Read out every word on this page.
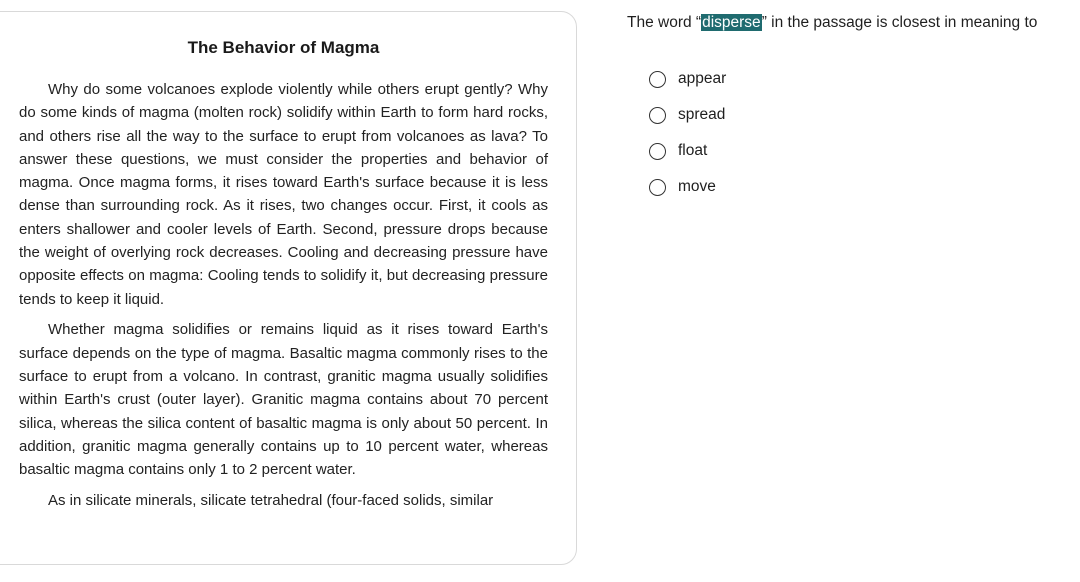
The Behavior of Magma

Why do some volcanoes explode violently while others erupt gently? Why do some kinds of magma (molten rock) solidify within Earth to form hard rocks, and others rise all the way to the surface to erupt from volcanoes as lava? To answer these questions, we must consider the properties and behavior of magma. Once magma forms, it rises toward Earth's surface because it is less dense than surrounding rock. As it rises, two changes occur. First, it cools as enters shallower and cooler levels of Earth. Second, pressure drops because the weight of overlying rock decreases. Cooling and decreasing pressure have opposite effects on magma: Cooling tends to solidify it, but decreasing pressure tends to keep it liquid.

Whether magma solidifies or remains liquid as it rises toward Earth's surface depends on the type of magma. Basaltic magma commonly rises to the surface to erupt from a volcano. In contrast, granitic magma usually solidifies within Earth's crust (outer layer). Granitic magma contains about 70 percent silica, whereas the silica content of basaltic magma is only about 50 percent. In addition, granitic magma generally contains up to 10 percent water, whereas basaltic magma contains only 1 to 2 percent water.

As in silicate minerals, silicate tetrahedral (four-faced solids, similar

The word “disperse” in the passage is closest in meaning to
appear
spread
float
move
